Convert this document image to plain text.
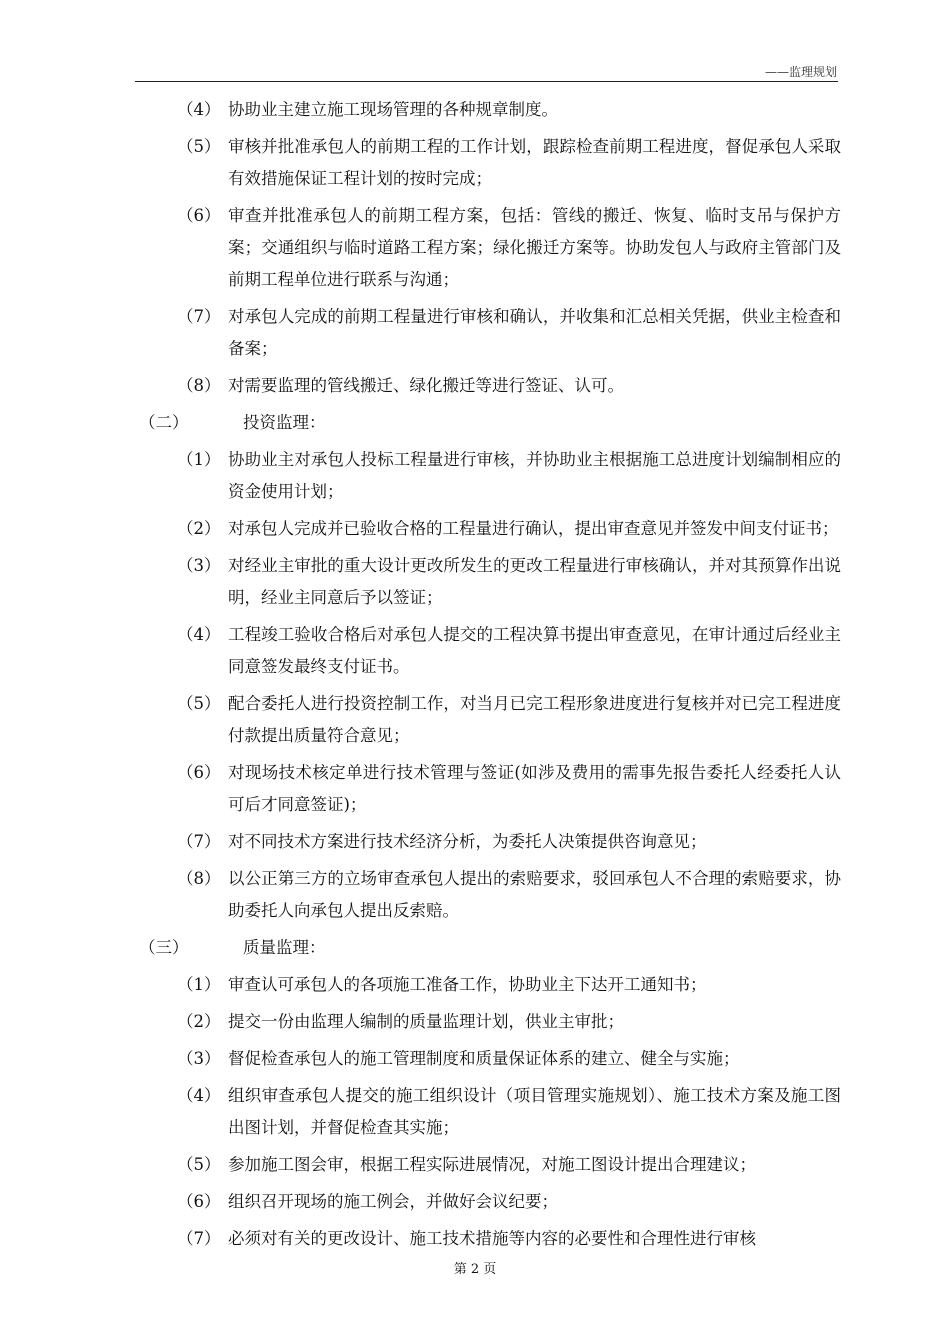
——监理规划
（4） 协助业主建立施工现场管理的各种规章制度。
（5） 审核并批准承包人的前期工程的工作计划，跟踪检查前期工程进度，督促承包人采取有效措施保证工程计划的按时完成；
（6） 审查并批准承包人的前期工程方案，包括：管线的搬迁、恢复、临时支吊与保护方案；交通组织与临时道路工程方案；绿化搬迁方案等。协助发包人与政府主管部门及前期工程单位进行联系与沟通；
（7） 对承包人完成的前期工程量进行审核和确认，并收集和汇总相关凭据，供业主检查和备案；
（8） 对需要监理的管线搬迁、绿化搬迁等进行签证、认可。
（二）	投资监理：
（1） 协助业主对承包人投标工程量进行审核，并协助业主根据施工总进度计划编制相应的资金使用计划；
（2） 对承包人完成并已验收合格的工程量进行确认，提出审查意见并签发中间支付证书；
（3） 对经业主审批的重大设计更改所发生的更改工程量进行审核确认，并对其预算作出说明，经业主同意后予以签证；
（4） 工程竣工验收合格后对承包人提交的工程决算书提出审查意见，在审计通过后经业主同意签发最终支付证书。
（5） 配合委托人进行投资控制工作，对当月已完工程形象进度进行复核并对已完工程进度付款提出质量符合意见；
（6） 对现场技术核定单进行技术管理与签证(如涉及费用的需事先报告委托人经委托人认可后才同意签证)；
（7） 对不同技术方案进行技术经济分析，为委托人决策提供咨询意见；
（8） 以公正第三方的立场审查承包人提出的索赔要求，驳回承包人不合理的索赔要求，协助委托人向承包人提出反索赔。
（三）	质量监理：
（1） 审查认可承包人的各项施工准备工作，协助业主下达开工通知书；
（2） 提交一份由监理人编制的质量监理计划，供业主审批；
（3） 督促检查承包人的施工管理制度和质量保证体系的建立、健全与实施；
（4） 组织审查承包人提交的施工组织设计（项目管理实施规划）、施工技术方案及施工图出图计划，并督促检查其实施；
（5） 参加施工图会审，根据工程实际进展情况，对施工图设计提出合理建议；
（6） 组织召开现场的施工例会，并做好会议纪要；
（7） 必须对有关的更改设计、施工技术措施等内容的必要性和合理性进行审核
第 2 页
